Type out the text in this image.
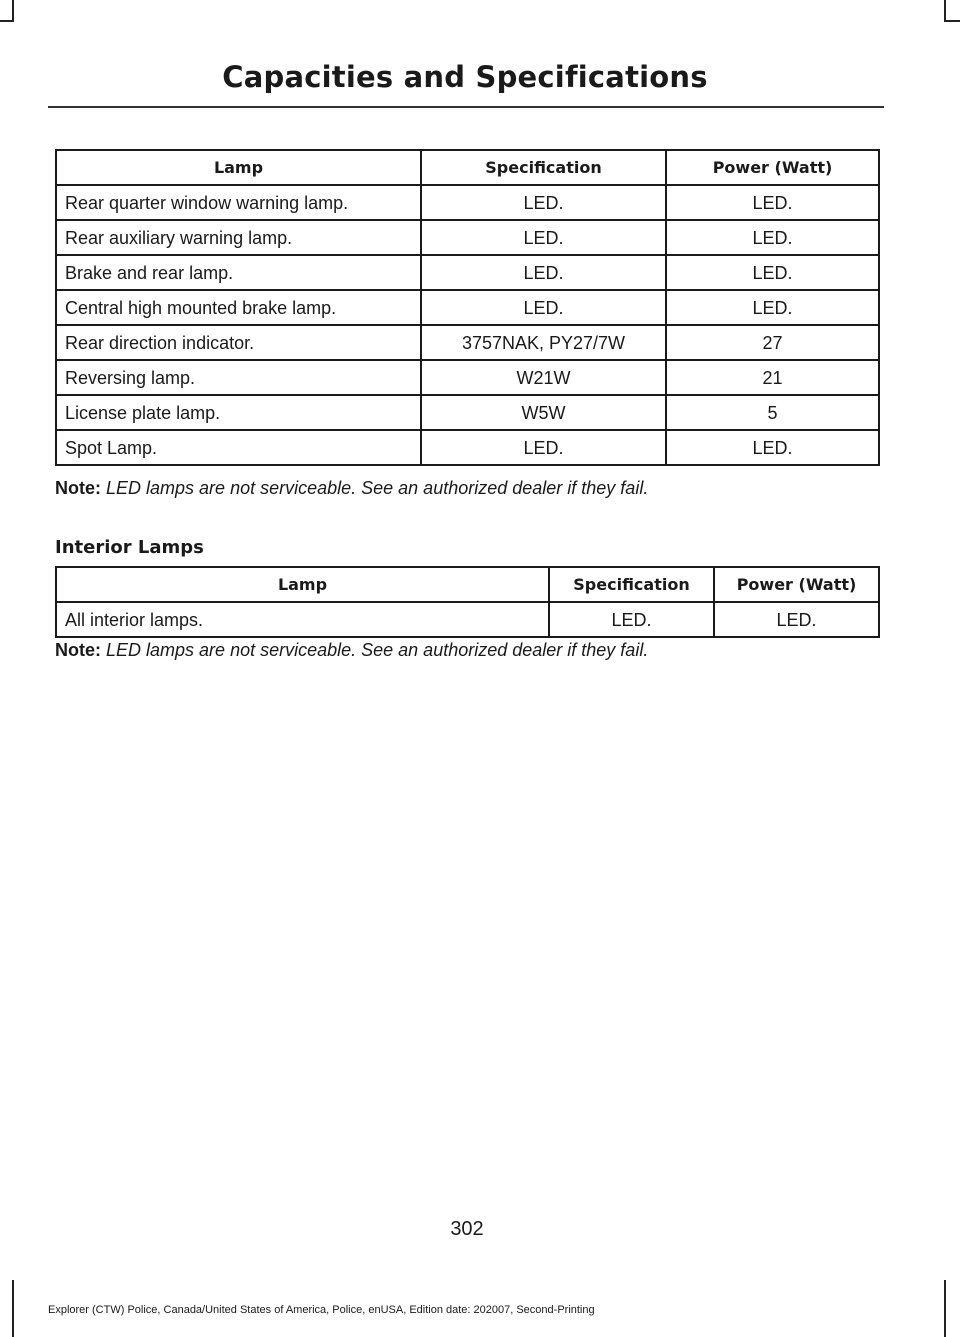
Capacities and Specifications
Lamp	Specification	Power (Watt)
Rear quarter window warning lamp.	LED.	LED.
Rear auxiliary warning lamp.	LED.	LED.
Brake and rear lamp.	LED.	LED.
Central high mounted brake lamp.	LED.	LED.
Rear direction indicator.	3757NAK, PY27/7W	27
Reversing lamp.	W21W	21
License plate lamp.	W5W	5
Spot Lamp.	LED.	LED.
Note: LED lamps are not serviceable. See an authorized dealer if they fail.
Interior Lamps
Lamp	Specification	Power (Watt)
All interior lamps.	LED.	LED.
Note: LED lamps are not serviceable. See an authorized dealer if they fail.
302
Explorer (CTW) Police, Canada/United States of America, Police, enUSA, Edition date: 202007, Second-Printing
